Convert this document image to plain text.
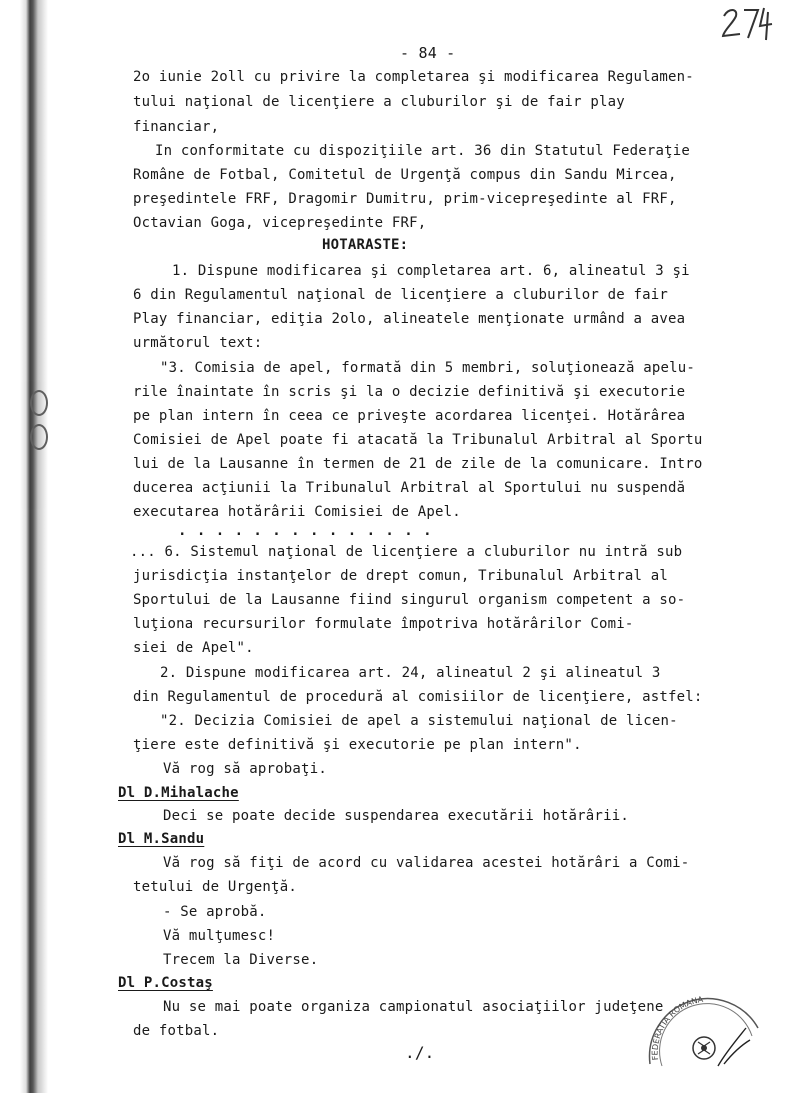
- 84 -
2o iunie 2oll cu privire la completarea şi modificarea Regulamen-
tului naţional de licenţiere a cluburilor şi de fair play
financiar,
In conformitate cu dispoziţiile art. 36 din Statutul Federaţie
Române de Fotbal, Comitetul de Urgenţă compus din Sandu Mircea,
preşedintele FRF, Dragomir Dumitru, prim-vicepreşedinte al FRF,
Octavian Goga, vicepreşedinte FRF,
HOTARASTE:
1. Dispune modificarea şi completarea art. 6, alineatul 3 şi
6 din Regulamentul naţional de licenţiere a cluburilor de fair
Play financiar, ediţia 2olo, alineatele menţionate urmând a avea
următorul text:
"3. Comisia de apel, formată din 5 membri, soluţionează apelu-
rile înaintate în scris şi la o decizie definitivă şi executorie
pe plan intern în ceea ce priveşte acordarea licenţei. Hotărârea
Comisiei de Apel poate fi atacată la Tribunalul Arbitral al Sportu
lui de la Lausanne în termen de 21 de zile de la comunicare. Intro
ducerea acţiunii la Tribunalul Arbitral al Sportului nu suspendă
executarea hotărârii Comisiei de Apel.
. . . . . . . . . . . . . .
... 6. Sistemul naţional de licenţiere a cluburilor nu intră sub
jurisdicţia instanţelor de drept comun, Tribunalul Arbitral al
Sportului de la Lausanne fiind singurul organism competent a so-
luţiona recursurilor formulate împotriva hotărârilor Comi-
siei de Apel".
2. Dispune modificarea art. 24, alineatul 2 şi alineatul 3
din Regulamentul de procedură al comisiilor de licenţiere, astfel:
"2. Decizia Comisiei de apel a sistemului naţional de licen-
ţiere este definitivă şi executorie pe plan intern".
Vă rog să aprobaţi.
Dl D.Mihalache
Deci se poate decide suspendarea executării hotărârii.
Dl M.Sandu
Vă rog să fiţi de acord cu validarea acestei hotărâri a Comi-
tetului de Urgenţă.
- Se aprobă.
Vă mulţumesc!
Trecem la Diverse.
Dl P.Costaş
Nu se mai poate organiza campionatul asociaţiilor judeţene
de fotbal.
./.	FEDERATIA ROMANA
